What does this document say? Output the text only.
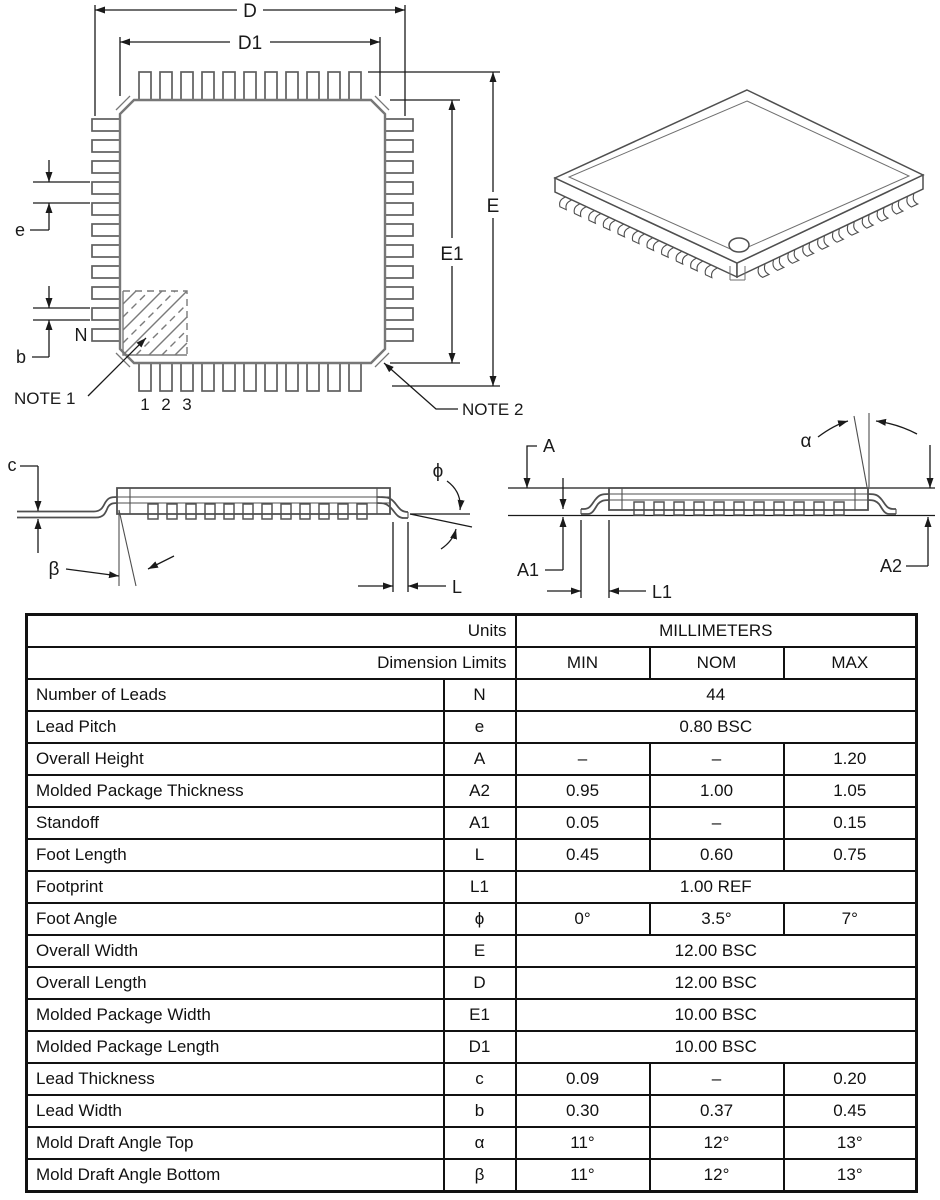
D
D1
E
E1
e
b
N
NOTE 1
NOTE 2
1 2 3
c	ϕ
β
L
A	α
A1	A2
L1
Units		MILLIMETERS		
Dimension Limits		MIN	NOM	MAX
Number of Leads	N	44		
Lead Pitch	e	0.80 BSC		
Overall Height	A	–	–	1.20
Molded Package Thickness	A2	0.95	1.00	1.05
Standoff	A1	0.05	–	0.15
Foot Length	L	0.45	0.60	0.75
Footprint	L1	1.00 REF		
Foot Angle	ϕ	0°	3.5°	7°
Overall Width	E	12.00 BSC		
Overall Length	D	12.00 BSC		
Molded Package Width	E1	10.00 BSC		
Molded Package Length	D1	10.00 BSC		
Lead Thickness	c	0.09	–	0.20
Lead Width	b	0.30	0.37	0.45
Mold Draft Angle Top	α	11°	12°	13°
Mold Draft Angle Bottom	β	11°	12°	13°
